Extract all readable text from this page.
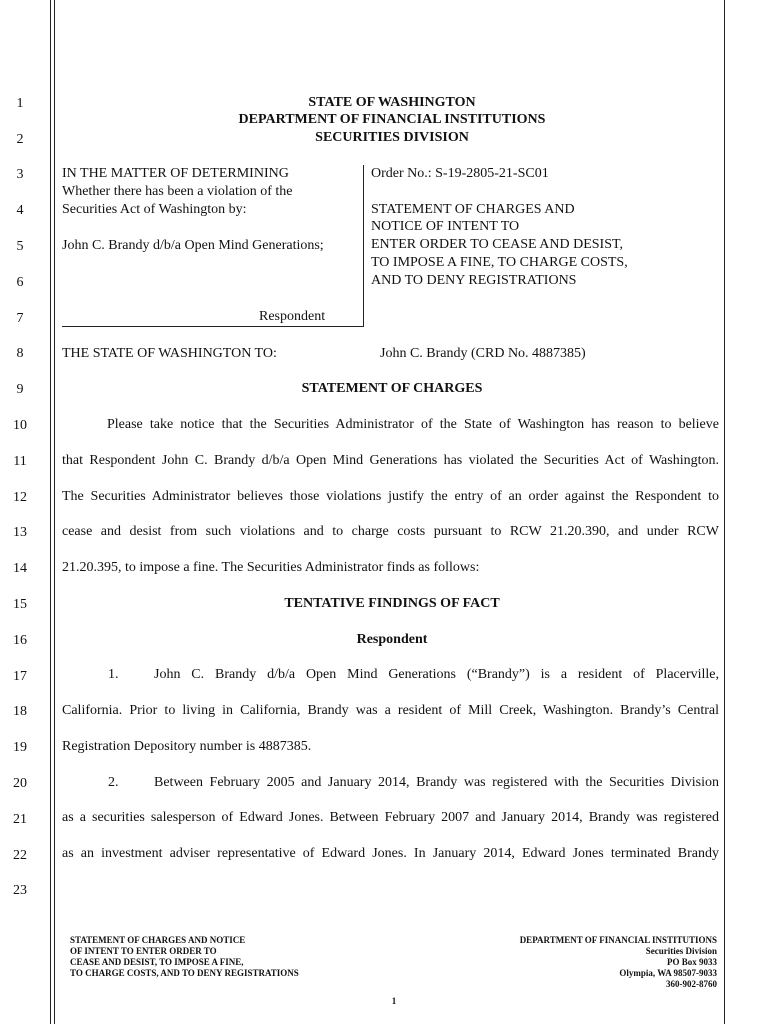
1
2
3
4
5
6
7
8
9
10
11
12
13
14
15
16
17
18
19
20
21
22
23
STATE OF WASHINGTON
DEPARTMENT OF FINANCIAL INSTITUTIONS
SECURITIES DIVISION
IN THE MATTER OF DETERMINING
Whether there has been a violation of the
Securities Act of Washington by:
John C. Brandy d/b/a Open Mind Generations;
Respondent
Order No.: S-19-2805-21-SC01
STATEMENT OF CHARGES AND
NOTICE OF INTENT TO
ENTER ORDER TO CEASE AND DESIST,
TO IMPOSE A FINE, TO CHARGE COSTS,
AND TO DENY REGISTRATIONS
THE STATE OF WASHINGTON TO:	John C. Brandy (CRD No. 4887385)
STATEMENT OF CHARGES
Please take notice that the Securities Administrator of the State of Washington has reason to believe
that Respondent John C. Brandy d/b/a Open Mind Generations has violated the Securities Act of Washington.
The Securities Administrator believes those violations justify the entry of an order against the Respondent to
cease and desist from such violations and to charge costs pursuant to RCW 21.20.390, and under RCW
21.20.395, to impose a fine. The Securities Administrator finds as follows:
TENTATIVE FINDINGS OF FACT
Respondent
1.	John C. Brandy d/b/a Open Mind Generations (“Brandy”) is a resident of Placerville,
California. Prior to living in California, Brandy was a resident of Mill Creek, Washington. Brandy’s Central
Registration Depository number is 4887385.
2.	Between February 2005 and January 2014, Brandy was registered with the Securities Division
as a securities salesperson of Edward Jones. Between February 2007 and January 2014, Brandy was registered
as an investment adviser representative of Edward Jones. In January 2014, Edward Jones terminated Brandy
STATEMENT OF CHARGES AND NOTICE
OF INTENT TO ENTER ORDER TO
CEASE AND DESIST, TO IMPOSE A FINE,
TO CHARGE COSTS, AND TO DENY REGISTRATIONS
DEPARTMENT OF FINANCIAL INSTITUTIONS
Securities Division
PO Box 9033
Olympia, WA 98507-9033
360-902-8760
1
